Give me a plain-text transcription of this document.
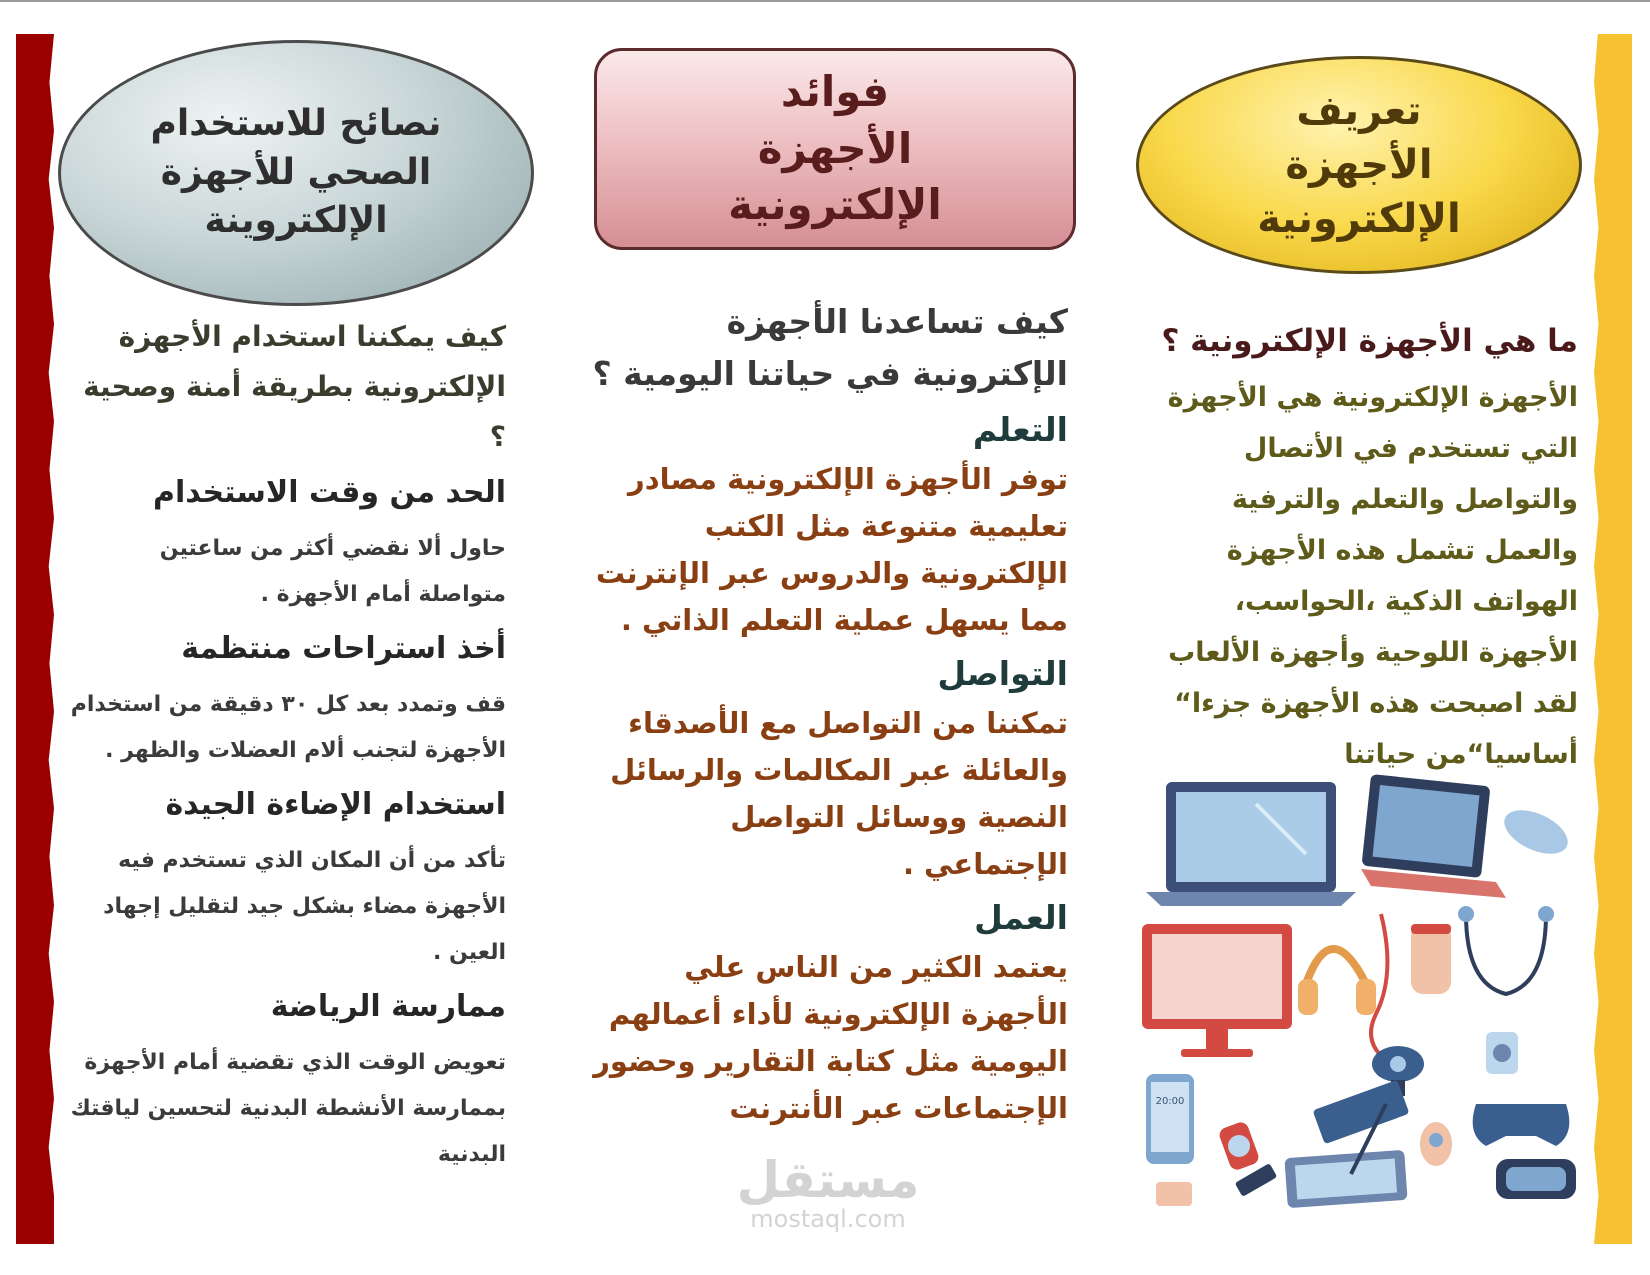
نصائح للاستخدام الصحي للأجهزة الإلكتروينة
فوائد الأجهزة الإلكترونية
تعريف الأجهزة الإلكترونية

كيف يمكننا استخدام الأجهزة الإلكترونية بطريقة أمنة وصحية ؟

الحد من وقت الاستخدام

حاول ألا نقضي أكثر من ساعتين متواصلة أمام الأجهزة .

أخذ استراحات منتظمة

قف وتمدد بعد كل ٣٠ دقيقة من استخدام الأجهزة لتجنب ألام العضلات والظهر .

استخدام الإضاءة الجيدة

تأكد من أن المكان الذي تستخدم فيه الأجهزة مضاء بشكل جيد لتقليل إجهاد العين .

ممارسة الرياضة

تعويض الوقت الذي تقضية أمام الأجهزة بممارسة الأنشطة البدنية لتحسين لياقتك البدنية

كيف تساعدنا الأجهزة الإكترونية في حياتنا اليومية ؟

التعلم

توفر الأجهزة الإلكترونية مصادر تعليمية متنوعة مثل الكتب الإلكترونية والدروس عبر الإنترنت مما يسهل عملية التعلم الذاتي .

التواصل

تمكننا من التواصل مع الأصدقاء والعائلة عبر المكالمات والرسائل النصية ووسائل التواصل الإجتماعي .

العمل

يعتمد الكثير من الناس علي الأجهزة الإلكترونية لأداء أعمالهم اليومية مثل كتابة التقارير وحضور الإجتماعات عبر الأنترنت

ما هي الأجهزة الإلكترونية ؟

الأجهزة الإلكترونية هي الأجهزة التي تستخدم في الأتصال والتواصل والتعلم والترفية والعمل تشمل هذه الأجهزة الهواتف الذكية ،الحواسب، الأجهزة اللوحية وأجهزة الألعاب لقد اصبحت هذه الأجهزة جزءا“ أساسيا“من حياتنا

20:00
مستقل
mostaql.com
